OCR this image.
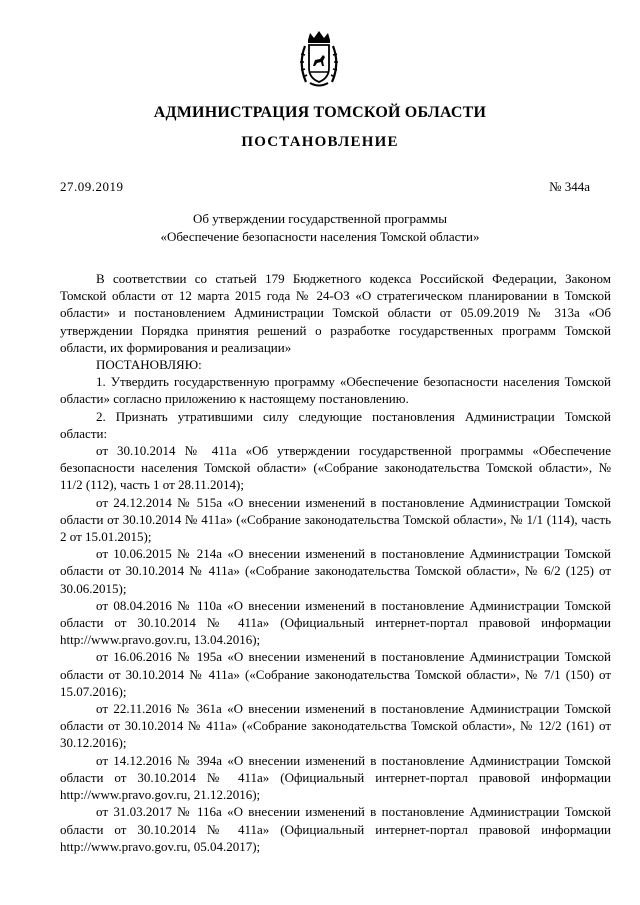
АДМИНИСТРАЦИЯ ТОМСКОЙ ОБЛАСТИ
ПОСТАНОВЛЕНИЕ
27.09.2019	№ 344а
Об утверждении государственной программы
«Обеспечение безопасности населения Томской области»
В соответствии со статьей 179 Бюджетного кодекса Российской Федерации, Законом Томской области от 12 марта 2015 года № 24-ОЗ «О стратегическом планировании в Томской области» и постановлением Администрации Томской области от 05.09.2019 № 313а «Об утверждении Порядка принятия решений о разработке государственных программ Томской области, их формирования и реализации»
ПОСТАНОВЛЯЮ:
1. Утвердить государственную программу «Обеспечение безопасности населения Томской области» согласно приложению к настоящему постановлению.
2. Признать утратившими силу следующие постановления Администрации Томской области:
от 30.10.2014 № 411а «Об утверждении государственной программы «Обеспечение безопасности населения Томской области» («Собрание законодательства Томской области», № 11/2 (112), часть 1 от 28.11.2014);
от 24.12.2014 № 515а «О внесении изменений в постановление Администрации Томской области от 30.10.2014 № 411а» («Собрание законодательства Томской области», № 1/1 (114), часть 2 от 15.01.2015);
от 10.06.2015 № 214а «О внесении изменений в постановление Администрации Томской области от 30.10.2014 № 411а» («Собрание законодательства Томской области», № 6/2 (125) от 30.06.2015);
от 08.04.2016 № 110а «О внесении изменений в постановление Администрации Томской области от 30.10.2014 № 411а» (Официальный интернет-портал правовой информации http://www.pravo.gov.ru, 13.04.2016);
от 16.06.2016 № 195а «О внесении изменений в постановление Администрации Томской области от 30.10.2014 № 411а» («Собрание законодательства Томской области», № 7/1 (150) от 15.07.2016);
от 22.11.2016 № 361а «О внесении изменений в постановление Администрации Томской области от 30.10.2014 № 411а» («Собрание законодательства Томской области», № 12/2 (161) от 30.12.2016);
от 14.12.2016 № 394а «О внесении изменений в постановление Администрации Томской области от 30.10.2014 № 411а» (Официальный интернет-портал правовой информации http://www.pravo.gov.ru, 21.12.2016);
от 31.03.2017 № 116а «О внесении изменений в постановление Администрации Томской области от 30.10.2014 № 411а» (Официальный интернет-портал правовой информации http://www.pravo.gov.ru, 05.04.2017);
